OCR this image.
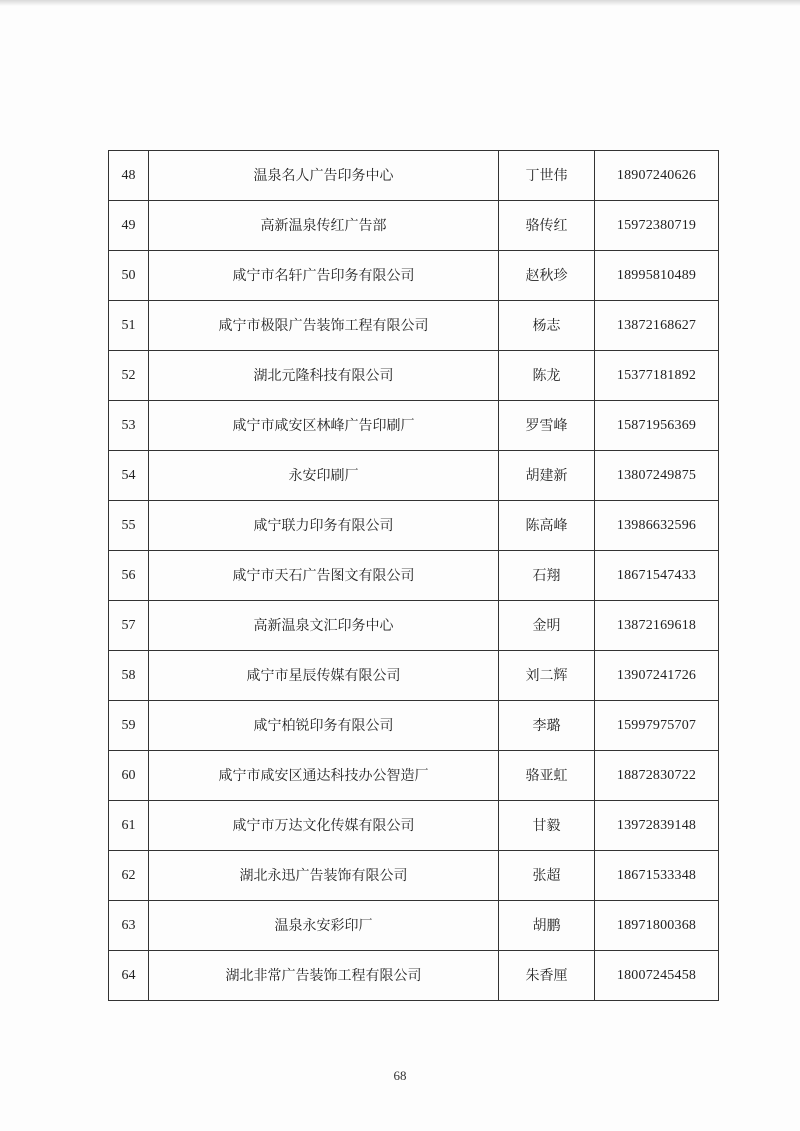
48	温泉名人广告印务中心	丁世伟	18907240626
49	高新温泉传红广告部	骆传红	15972380719
50	咸宁市名轩广告印务有限公司	赵秋珍	18995810489
51	咸宁市极限广告装饰工程有限公司	杨志	13872168627
52	湖北元隆科技有限公司	陈龙	15377181892
53	咸宁市咸安区林峰广告印刷厂	罗雪峰	15871956369
54	永安印刷厂	胡建新	13807249875
55	咸宁联力印务有限公司	陈高峰	13986632596
56	咸宁市天石广告图文有限公司	石翔	18671547433
57	高新温泉文汇印务中心	金明	13872169618
58	咸宁市星辰传媒有限公司	刘二辉	13907241726
59	咸宁柏锐印务有限公司	李璐	15997975707
60	咸宁市咸安区通达科技办公智造厂	骆亚虹	18872830722
61	咸宁市万达文化传媒有限公司	甘毅	13972839148
62	湖北永迅广告装饰有限公司	张超	18671533348
63	温泉永安彩印厂	胡鹏	18971800368
64	湖北非常广告装饰工程有限公司	朱香厘	18007245458
68
